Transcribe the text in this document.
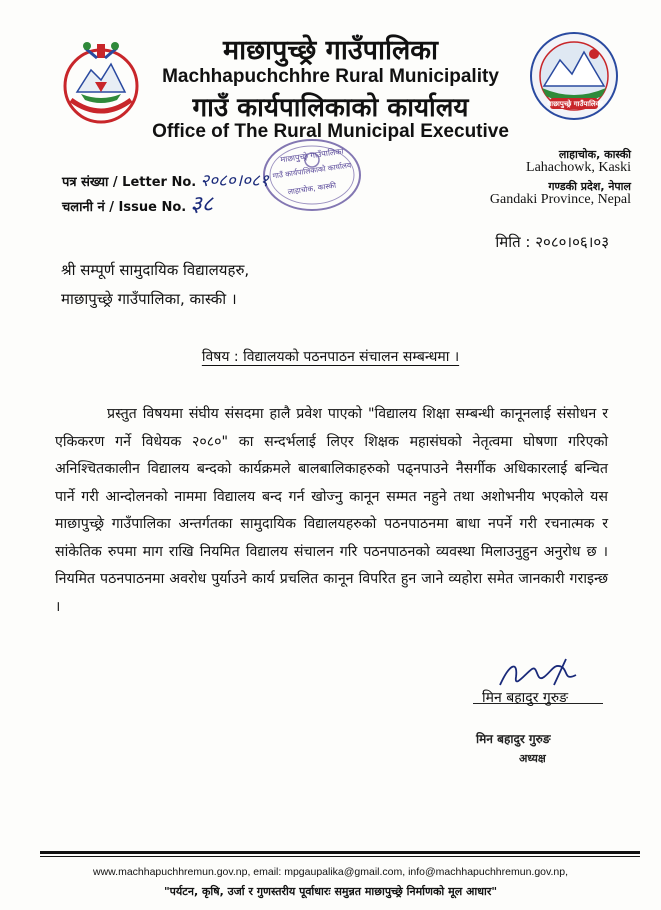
माछापुच्छ्रे गाउँपालिका
माछापुच्छ्रे गाउँपालिका
Machhapuchchhre Rural Municipality
गाउँ कार्यपालिकाको कार्यालय
Office of The Rural Municipal Executive
माछापुच्छ्रे गाउँपालिका
गाउँ कार्यपालिकाको कार्यालय
लाहाचोक, कास्की
पत्र संख्या / Letter No. २०८०।०८१
चलानी नं / Issue No. ३८
लाहाचोक, कास्की
Lahachowk, Kaski
गण्डकी प्रदेश, नेपाल
Gandaki Province, Nepal
मिति : २०८०।०६।०३
श्री सम्पूर्ण सामुदायिक विद्यालयहरु,
माछापुच्छ्रे गाउँपालिका, कास्की ।
विषय : विद्यालयको पठनपाठन संचालन सम्बन्धमा ।
प्रस्तुत विषयमा संघीय संसदमा हालै प्रवेश पाएको "विद्यालय शिक्षा सम्बन्धी कानूनलाई संसोधन र एकिकरण गर्ने विधेयक २०८०" का सन्दर्भलाई लिएर शिक्षक महासंघको नेतृत्वमा घोषणा गरिएको अनिश्चितकालीन विद्यालय बन्दको कार्यक्रमले बालबालिकाहरुको पढ्नपाउने नैसर्गीक अधिकारलाई बन्चित पार्ने गरी आन्दोलनको नाममा विद्यालय बन्द गर्न खोज्नु कानून सम्मत नहुने तथा अशोभनीय भएकोले यस माछापुच्छ्रे गाउँपालिका अन्तर्गतका सामुदायिक विद्यालयहरुको पठनपाठनमा बाधा नपर्ने गरी रचनात्मक र सांकेतिक रुपमा माग राखि नियमित विद्यालय संचालन गरि पठनपाठनको व्यवस्था मिलाउनुहुन अनुरोध छ । नियमित पठनपाठनमा अवरोध पुर्याउने कार्य प्रचलित कानून विपरित हुन जाने व्यहोरा समेत जानकारी गराइन्छ ।
मिन बहादुर गुरुङ
मिन बहादुर गुरुङ
अध्यक्ष
www.machhapuchhremun.gov.np, email: mpgaupalika@gmail.com, info@machhapuchhremun.gov.np,
"पर्यटन, कृषि, उर्जा र गुणस्तरीय पूर्वाधारः समुन्नत माछापुच्छ्रे निर्माणको मूल आधार"
